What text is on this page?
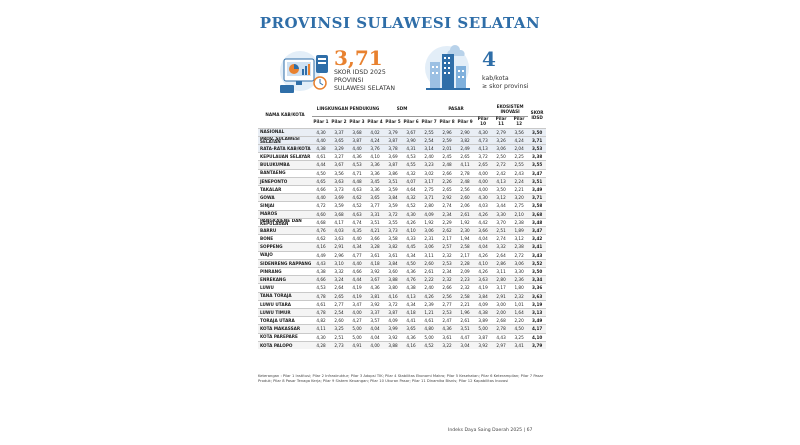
PROVINSI SULAWESI SELATAN
3,71
SKOR IDSD 2025
PROVINSI
SULAWESI SELATAN
4
kab/kota
≥ skor provinsi
NAMA KAB/KOTA	LINGKUNGAN PENDUKUNG				SDM		PASAR				EKOSISTEM INOVASI		SKOR IDSD
	Pilar 1	Pilar 2	Pilar 3	Pilar 4	Pilar 5	Pilar 6	Pilar 7	Pilar 8	Pilar 9	Pilar 10	Pilar 11	Pilar 12	
NASIONAL	4,30	3,37	3,68	4,02	3,79	3,67	2,55	2,96	2,90	4,30	2,79	3,56	3,50
PROV. SULAWESI SELATAN	4,40	3,65	3,87	4,24	3,87	3,90	2,54	2,59	3,82	4,73	3,26	4,24	3,71
RATA-RATA KAB/KOTA	4,38	3,29	4,40	3,76	3,78	4,31	3,14	2,01	2,49	4,13	3,06	2,04	3,53
KEPULAUAN SELAYAR	4,61	3,27	4,36	4,10	3,69	4,53	2,40	2,45	2,65	3,72	2,50	2,25	3,38
BULUKUMBA	4,44	3,67	4,53	3,36	3,87	4,55	3,23	2,48	4,11	2,65	2,72	2,55	3,55
BANTAENG	4,50	3,56	4,71	3,36	3,86	4,32	3,02	2,66	2,78	4,00	2,42	2,43	3,47
JENEPONTO	4,65	3,63	4,48	3,45	3,51	4,07	3,17	2,26	2,48	4,00	4,13	2,24	3,51
TAKALAR	4,66	3,73	4,63	3,36	3,59	4,64	2,75	2,65	2,56	4,00	3,50	2,21	3,49
GOWA	4,40	3,69	4,62	3,65	3,84	4,32	3,71	2,92	2,60	4,30	3,12	3,20	3,71
SINJAI	4,72	3,59	4,52	3,77	3,59	4,52	2,80	2,74	2,06	4,03	3,44	2,75	3,58
MAROS	4,60	3,68	4,63	3,31	3,72	4,30	4,09	2,34	2,61	4,26	3,30	2,10	3,68
PANGKAJENE DAN KEPULAUAN	4,68	4,17	4,74	3,51	3,55	4,26	1,92	2,29	1,92	4,42	3,70	2,38	3,48
BARRU	4,76	4,03	4,35	4,21	3,73	4,10	3,06	2,62	2,30	3,66	2,51	1,89	3,47
BONE	4,62	3,63	4,40	3,66	3,58	4,33	2,31	2,17	1,94	4,04	2,74	3,12	3,42
SOPPENG	4,16	2,91	4,34	3,28	3,82	4,45	3,06	2,57	2,58	4,04	3,32	2,38	3,41
WAJO	4,49	2,96	4,77	3,61	3,61	4,34	3,11	2,32	2,17	4,26	2,64	2,72	3,43
SIDENRENG RAPPANG	4,43	3,10	4,40	4,18	3,84	4,50	2,60	2,53	2,28	4,10	2,86	3,06	3,52
PINRANG	4,38	3,32	4,66	3,92	3,60	4,36	2,61	2,34	2,09	4,26	3,11	3,30	3,50
ENREKANG	4,66	3,24	4,44	3,67	3,88	4,76	2,22	2,32	2,23	3,63	2,80	2,36	3,34
LUWU	4,53	2,64	4,19	4,36	3,80	4,38	2,40	2,66	2,32	4,19	3,17	1,80	3,36
TANA TORAJA	4,78	2,65	4,19	3,81	4,16	4,13	4,26	2,56	2,58	3,84	2,91	2,32	3,63
LUWU UTARA	4,61	2,77	3,47	3,92	3,72	4,34	2,39	2,77	2,21	4,09	3,00	1,01	3,19
LUWU TIMUR	4,78	2,54	4,00	3,37	3,87	4,18	1,21	2,53	1,96	4,38	2,00	1,64	3,13
TORAJA UTARA	4,82	2,60	4,27	3,57	4,09	4,41	4,61	2,47	2,61	3,89	2,68	2,20	3,49
KOTA MAKASSAR	4,11	3,25	5,00	4,04	3,99	3,65	4,80	4,36	3,51	5,00	2,78	4,50	4,17
KOTA PAREPARE	4,30	2,51	5,00	4,04	3,92	4,36	5,00	3,61	4,47	3,87	4,43	3,25	4,10
KOTA PALOPO	4,28	2,73	4,91	4,00	3,88	4,16	4,52	3,22	3,04	3,92	2,97	3,41	3,79
Keterangan : Pilar 1 Institusi; Pilar 2 Infrastruktur; Pilar 3 Adopsi TIK; Pilar 4 Stabilitas Ekonomi Makro; Pilar 5 Kesehatan; Pilar 6 Keterampilan; Pilar 7 Pasar Produk; Pilar 8 Pasar Tenaga Kerja; Pilar 9 Sistem Keuangan; Pilar 10 Ukuran Pasar; Pilar 11 Dinamika Bisnis; Pilar 12 Kapabilitas Inovasi
Indeks Daya Saing Daerah 2025 | 67
